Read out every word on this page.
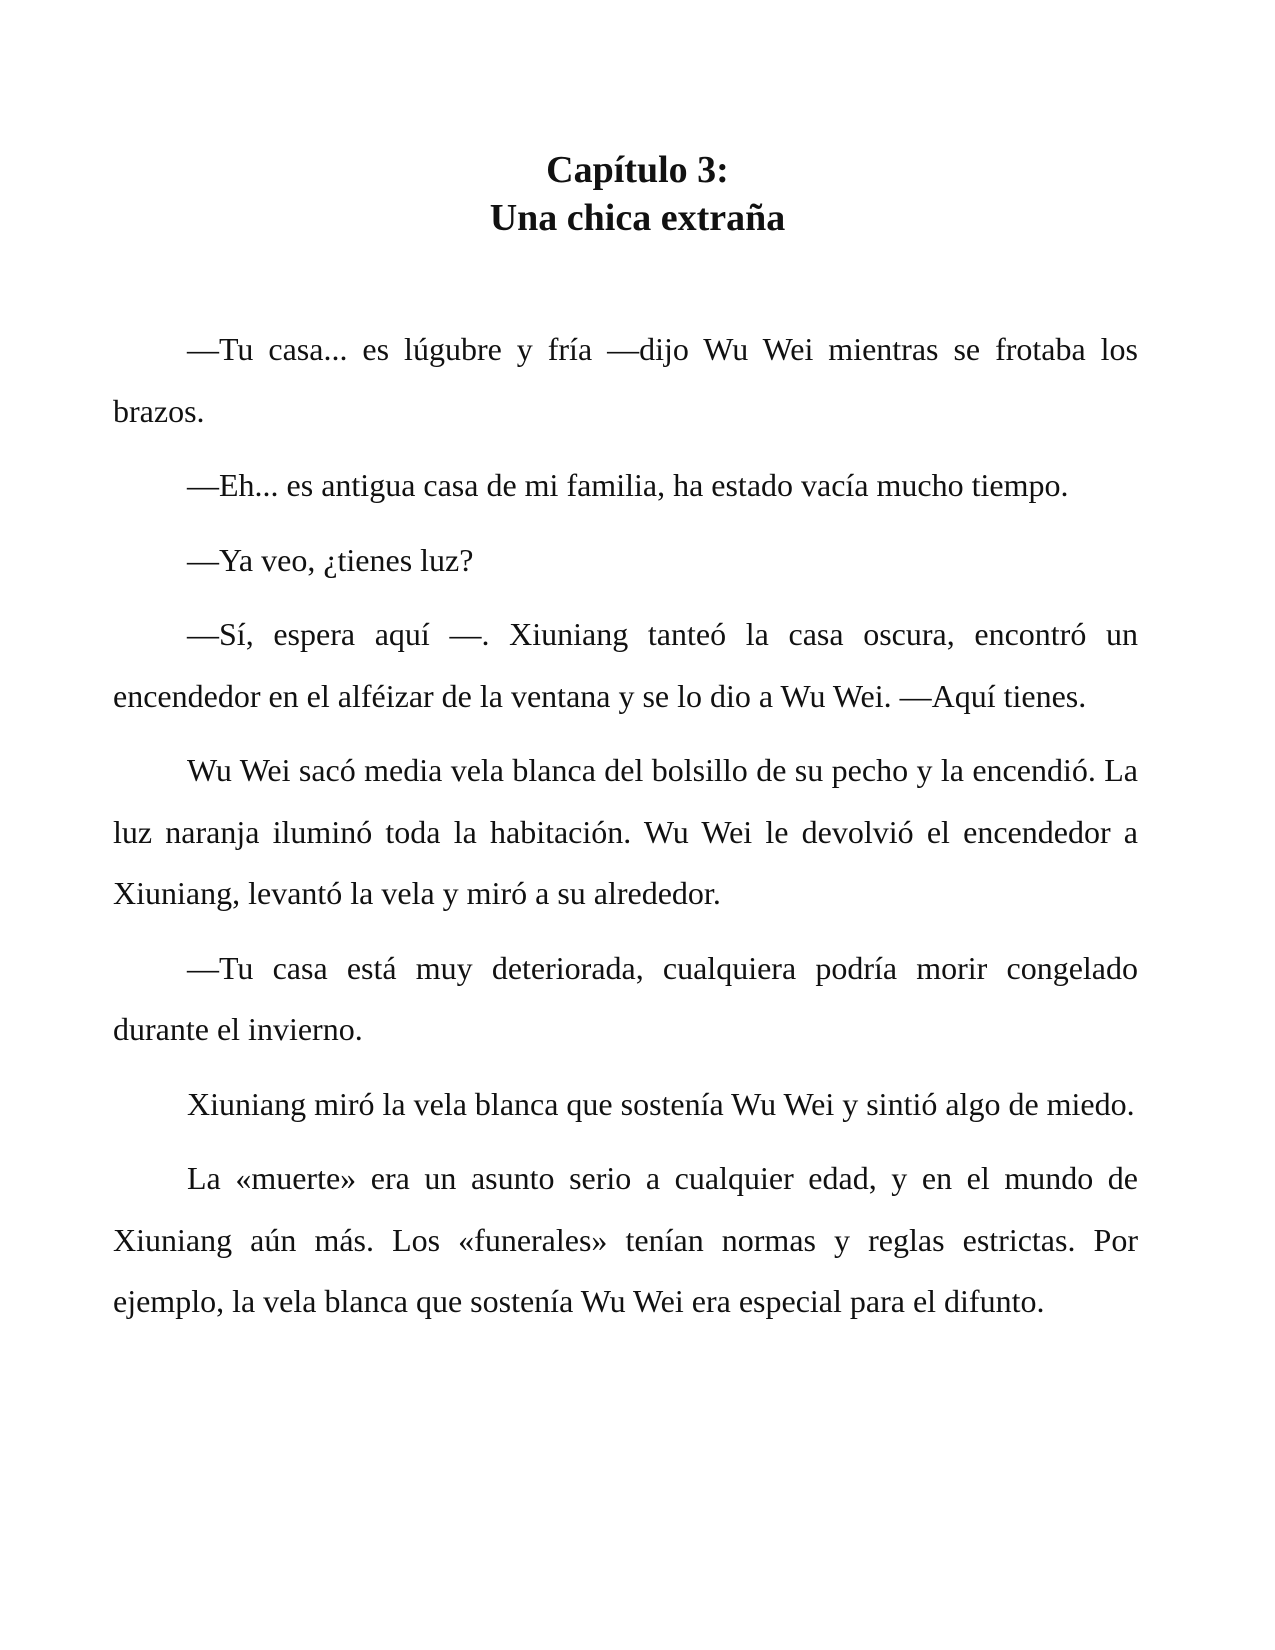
Capítulo 3:
Una chica extraña

—Tu casa... es lúgubre y fría —dijo Wu Wei mientras se frotaba los brazos.

—Eh... es antigua casa de mi familia, ha estado vacía mucho tiempo.

—Ya veo, ¿tienes luz?

—Sí, espera aquí —. Xiuniang tanteó la casa oscura, encontró un encendedor en el alféizar de la ventana y se lo dio a Wu Wei. —Aquí tienes.

Wu Wei sacó media vela blanca del bolsillo de su pecho y la encendió. La luz naranja iluminó toda la habitación. Wu Wei le devolvió el encendedor a Xiuniang, levantó la vela y miró a su alrededor.

—Tu casa está muy deteriorada, cualquiera podría morir congelado durante el invierno.

Xiuniang miró la vela blanca que sostenía Wu Wei y sintió algo de miedo.

La «muerte» era un asunto serio a cualquier edad, y en el mundo de Xiuniang aún más. Los «funerales» tenían normas y reglas estrictas. Por ejemplo, la vela blanca que sostenía Wu Wei era especial para el difunto.
